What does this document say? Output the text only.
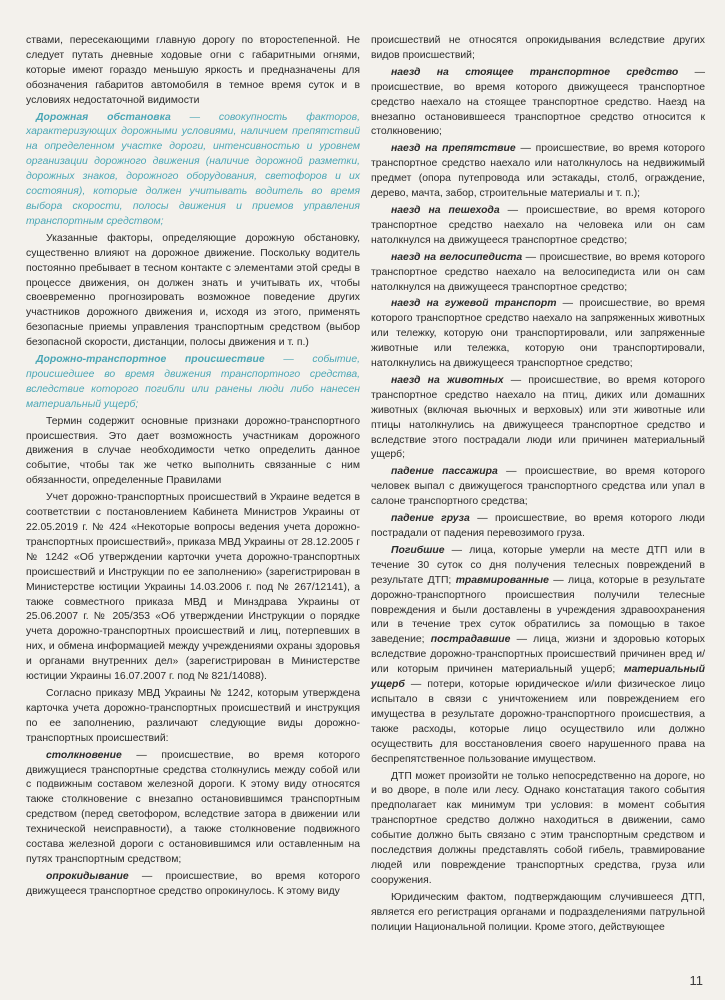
ствами, пересекающими главную дорогу по второстепенной. Не следует путать дневные ходовые огни с габаритными огнями, которые имеют гораздо меньшую яркость и предназначены для обозначения габаритов автомобиля в темное время суток и в условиях недостаточной видимости

Дорожная обстановка — совокупность факторов, характеризующих дорожными условиями, наличием препятствий на определенном участке дороги, интенсивностью и уровнем организации дорожного движения (наличие дорожной разметки, дорожных знаков, дорожного оборудования, светофоров и их состояния), которые должен учитывать водитель во время выбора скорости, полосы движения и приемов управления транспортным средством;

Указанные факторы, определяющие дорожную обстановку, существенно влияют на дорожное движение. Поскольку водитель постоянно пребывает в тесном контакте с элементами этой среды в процессе движения, он должен знать и учитывать их, чтобы своевременно прогнозировать возможное поведение других участников дорожного движения и, исходя из этого, применять безопасные приемы управления транспортным средством (выбор безопасной скорости, дистанции, полосы движения и т. п.)

Дорожно-транспортное происшествие — событие, происшедшее во время движения транспортного средства, вследствие которого погибли или ранены люди либо нанесен материальный ущерб;

Термин содержит основные признаки дорожно-транспортного происшествия. Это дает возможность участникам дорожного движения в случае необходимости четко определить данное событие, чтобы так же четко выполнить связанные с ним обязанности, определенные Правилами

Учет дорожно-транспортных происшествий в Украине ведется в соответствии с постановлением Кабинета Министров Украины от 22.05.2019 г. № 424 «Некоторые вопросы ведения учета дорожно-транспортных происшествий», приказа МВД Украины от 28.12.2005 г № 1242 «Об утверждении карточки учета дорожно-транспортных происшествий и Инструкции по ее заполнению» (зарегистрирован в Министерстве юстиции Украины 14.03.2006 г. под № 267/12141), а также совместного приказа МВД и Минздрава Украины от 25.06.2007 г. № 205/353 «Об утверждении Инструкции о порядке учета дорожно-транспортных происшествий и лиц, потерпевших в них, и обмена информацией между учреждениями охраны здоровья и органами внутренних дел» (зарегистрирован в Министерстве юстиции Украины 16.07.2007 г. под № 821/14088).

Согласно приказу МВД Украины № 1242, которым утверждена карточка учета дорожно-транспортных происшествий и инструкция по ее заполнению, различают следующие виды дорожно-транспортных происшествий:

столкновение — происшествие, во время которого движущиеся транспортные средства столкнулись между собой или с подвижным составом железной дороги. К этому виду относятся также столкновение с внезапно остановившимся транспортным средством (перед светофором, вследствие затора в движении или технической неисправности), а также столкновение подвижного состава железной дороги с остановившимся или оставленным на путях транспортным средством;

опрокидывание — происшествие, во время которого движущееся транспортное средство опрокинулось. К этому виду

происшествий не относятся опрокидывания вследствие других видов происшествий;

наезд на стоящее транспортное средство — происшествие, во время которого движущееся транспортное средство наехало на стоящее транспортное средство. Наезд на внезапно остановившееся транспортное средство относится к столкновению;

наезд на препятствие — происшествие, во время которого транспортное средство наехало или натолкнулось на недвижимый предмет (опора путепровода или эстакады, столб, ограждение, дерево, мачта, забор, строительные материалы и т. п.);

наезд на пешехода — происшествие, во время которого транспортное средство наехало на человека или он сам натолкнулся на движущееся транспортное средство;

наезд на велосипедиста — происшествие, во время которого транспортное средство наехало на велосипедиста или он сам натолкнулся на движущееся транспортное средство;

наезд на гужевой транспорт — происшествие, во время которого транспортное средство наехало на запряженных животных или тележку, которую они транспортировали, или запряженные животные или тележка, которую они транспортировали, натолкнулись на движущееся транспортное средство;

наезд на животных — происшествие, во время которого транспортное средство наехало на птиц, диких или домашних животных (включая вьючных и верховых) или эти животные или птицы натолкнулись на движущееся транспортное средство и вследствие этого пострадали люди или причинен материальный ущерб;

падение пассажира — происшествие, во время которого человек выпал с движущегося транспортного средства или упал в салоне транспортного средства;

падение груза — происшествие, во время которого люди пострадали от падения перевозимого груза.

Погибшие — лица, которые умерли на месте ДТП или в течение 30 суток со дня получения телесных повреждений в результате ДТП; травмированные — лица, которые в результате дорожно-транспортного происшествия получили телесные повреждения и были доставлены в учреждения здравоохранения или в течение трех суток обратились за помощью в такое заведение; пострадавшие — лица, жизни и здоровью которых вследствие дорожно-транспортных происшествий причинен вред и/или которым причинен материальный ущерб; материальный ущерб — потери, которые юридическое и/или физическое лицо испытало в связи с уничтожением или повреждением его имущества в результате дорожно-транспортного происшествия, а также расходы, которые лицо осуществило или должно осуществить для восстановления своего нарушенного права на беспрепятственное пользование имуществом.

ДТП может произойти не только непосредственно на дороге, но и во дворе, в поле или лесу. Однако констатация такого события предполагает как минимум три условия: в момент события транспортное средство должно находиться в движении, само событие должно быть связано с этим транспортным средством и последствия должны представлять собой гибель, травмирование людей или повреждение транспортных средства, груза или сооружения.

Юридическим фактом, подтверждающим случившееся ДТП, является его регистрация органами и подразделениями патрульной полиции Национальной полиции. Кроме этого, действующее

11
